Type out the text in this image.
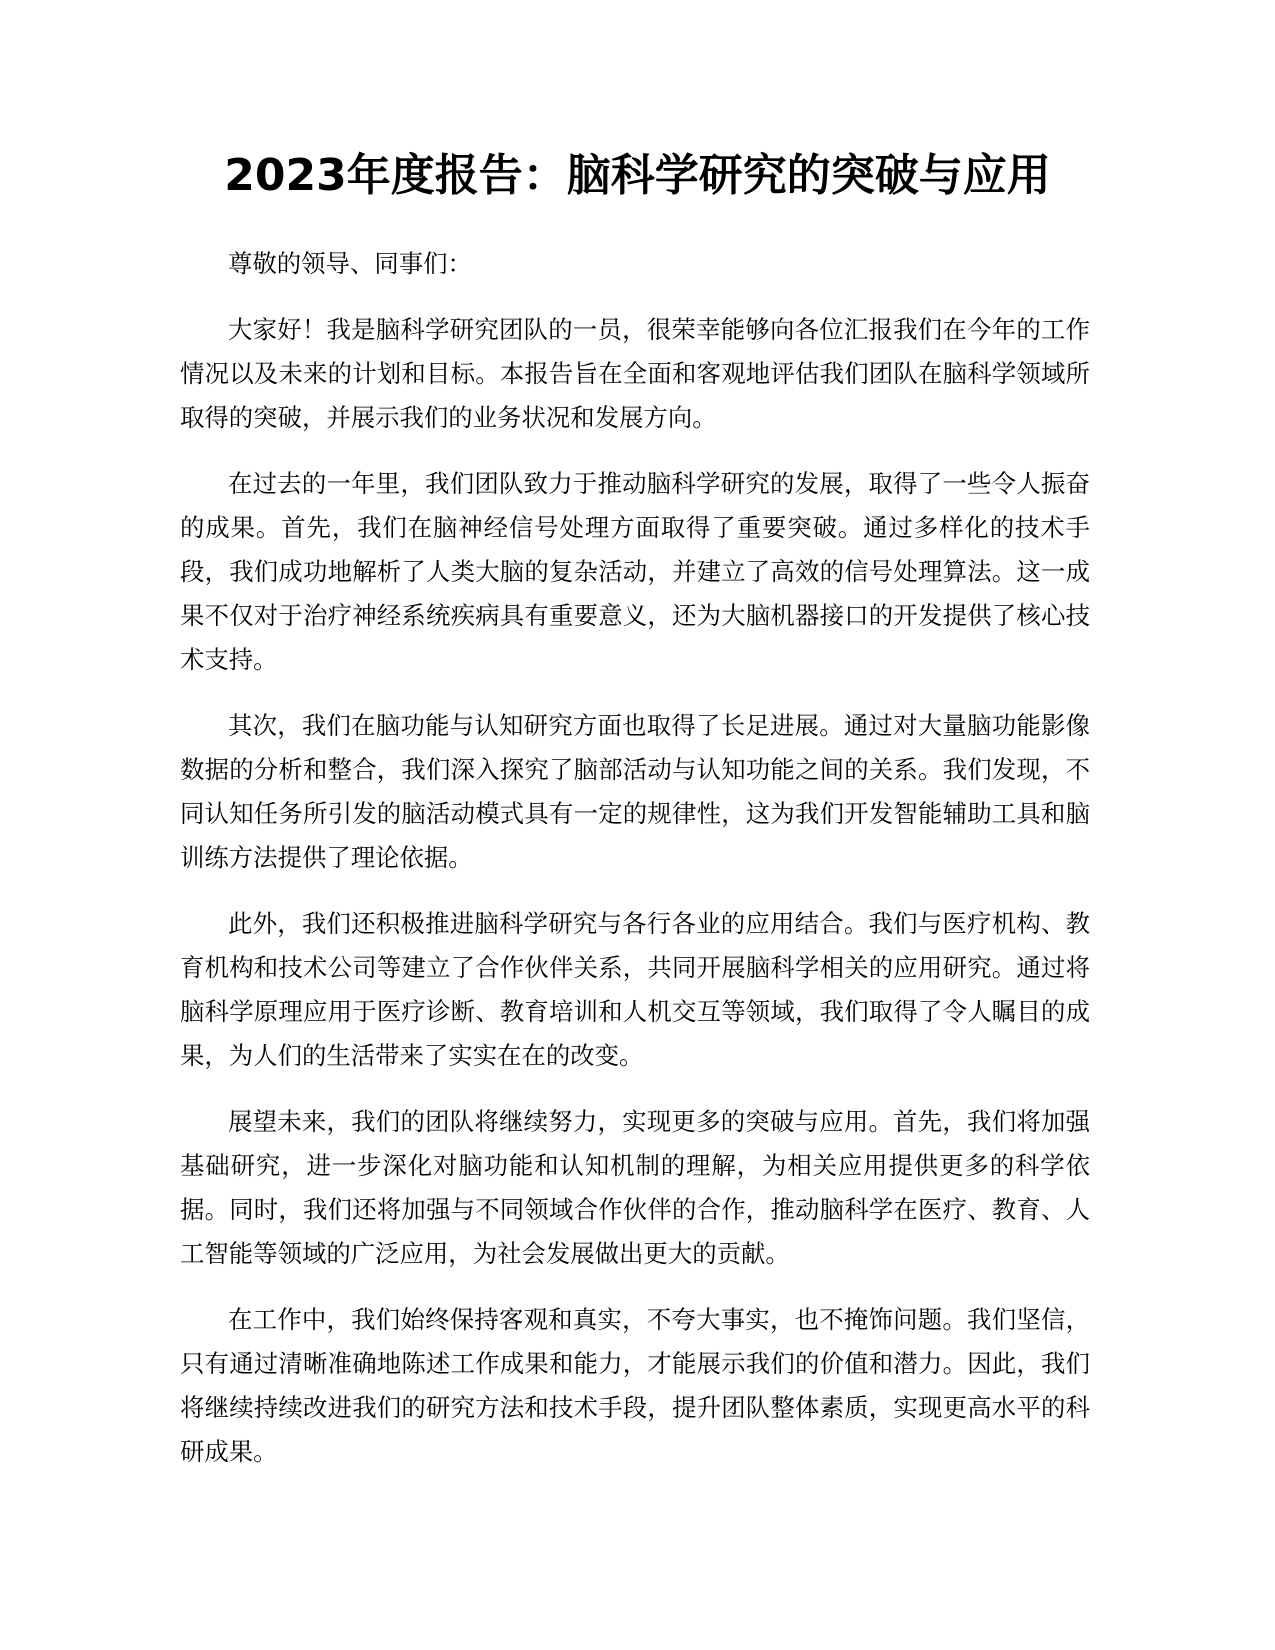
2023年度报告：脑科学研究的突破与应用

尊敬的领导、同事们：

大家好！我是脑科学研究团队的一员，很荣幸能够向各位汇报我们在今年的工作情况以及未来的计划和目标。本报告旨在全面和客观地评估我们团队在脑科学领域所取得的突破，并展示我们的业务状况和发展方向。

在过去的一年里，我们团队致力于推动脑科学研究的发展，取得了一些令人振奋的成果。首先，我们在脑神经信号处理方面取得了重要突破。通过多样化的技术手段，我们成功地解析了人类大脑的复杂活动，并建立了高效的信号处理算法。这一成果不仅对于治疗神经系统疾病具有重要意义，还为大脑机器接口的开发提供了核心技术支持。

其次，我们在脑功能与认知研究方面也取得了长足进展。通过对大量脑功能影像数据的分析和整合，我们深入探究了脑部活动与认知功能之间的关系。我们发现，不同认知任务所引发的脑活动模式具有一定的规律性，这为我们开发智能辅助工具和脑训练方法提供了理论依据。

此外，我们还积极推进脑科学研究与各行各业的应用结合。我们与医疗机构、教育机构和技术公司等建立了合作伙伴关系，共同开展脑科学相关的应用研究。通过将脑科学原理应用于医疗诊断、教育培训和人机交互等领域，我们取得了令人瞩目的成果，为人们的生活带来了实实在在的改变。

展望未来，我们的团队将继续努力，实现更多的突破与应用。首先，我们将加强基础研究，进一步深化对脑功能和认知机制的理解，为相关应用提供更多的科学依据。同时，我们还将加强与不同领域合作伙伴的合作，推动脑科学在医疗、教育、人工智能等领域的广泛应用，为社会发展做出更大的贡献。

在工作中，我们始终保持客观和真实，不夸大事实，也不掩饰问题。我们坚信，只有通过清晰准确地陈述工作成果和能力，才能展示我们的价值和潜力。因此，我们将继续持续改进我们的研究方法和技术手段，提升团队整体素质，实现更高水平的科研成果。
